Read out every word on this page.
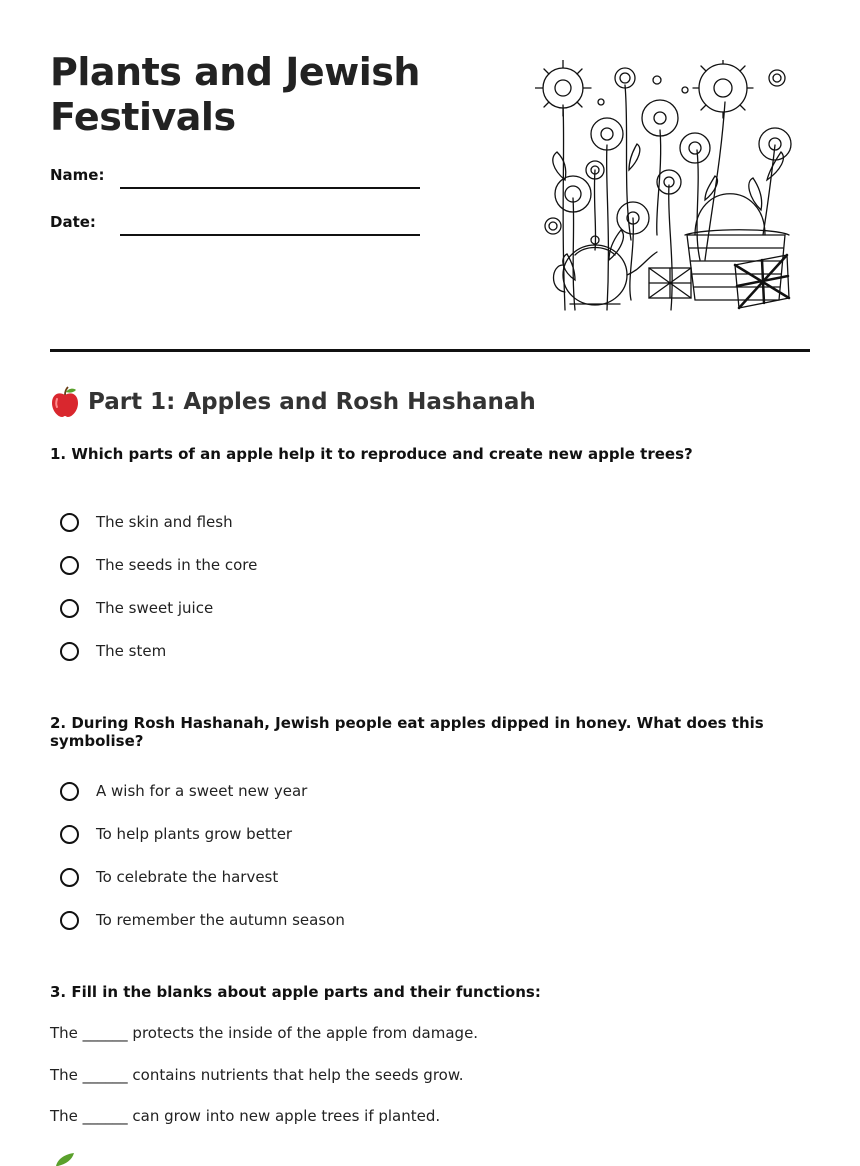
Plants and Jewish Festivals
Name:
Date:
Part 1: Apples and Rosh Hashanah

1. Which parts of an apple help it to reproduce and create new apple trees?

The skin and flesh
The seeds in the core
The sweet juice
The stem

2. During Rosh Hashanah, Jewish people eat apples dipped in honey. What does this symbolise?

A wish for a sweet new year
To help plants grow better
To celebrate the harvest
To remember the autumn season

3. Fill in the blanks about apple parts and their functions:

The ______ protects the inside of the apple from damage.

The ______ contains nutrients that help the seeds grow.

The ______ can grow into new apple trees if planted.
